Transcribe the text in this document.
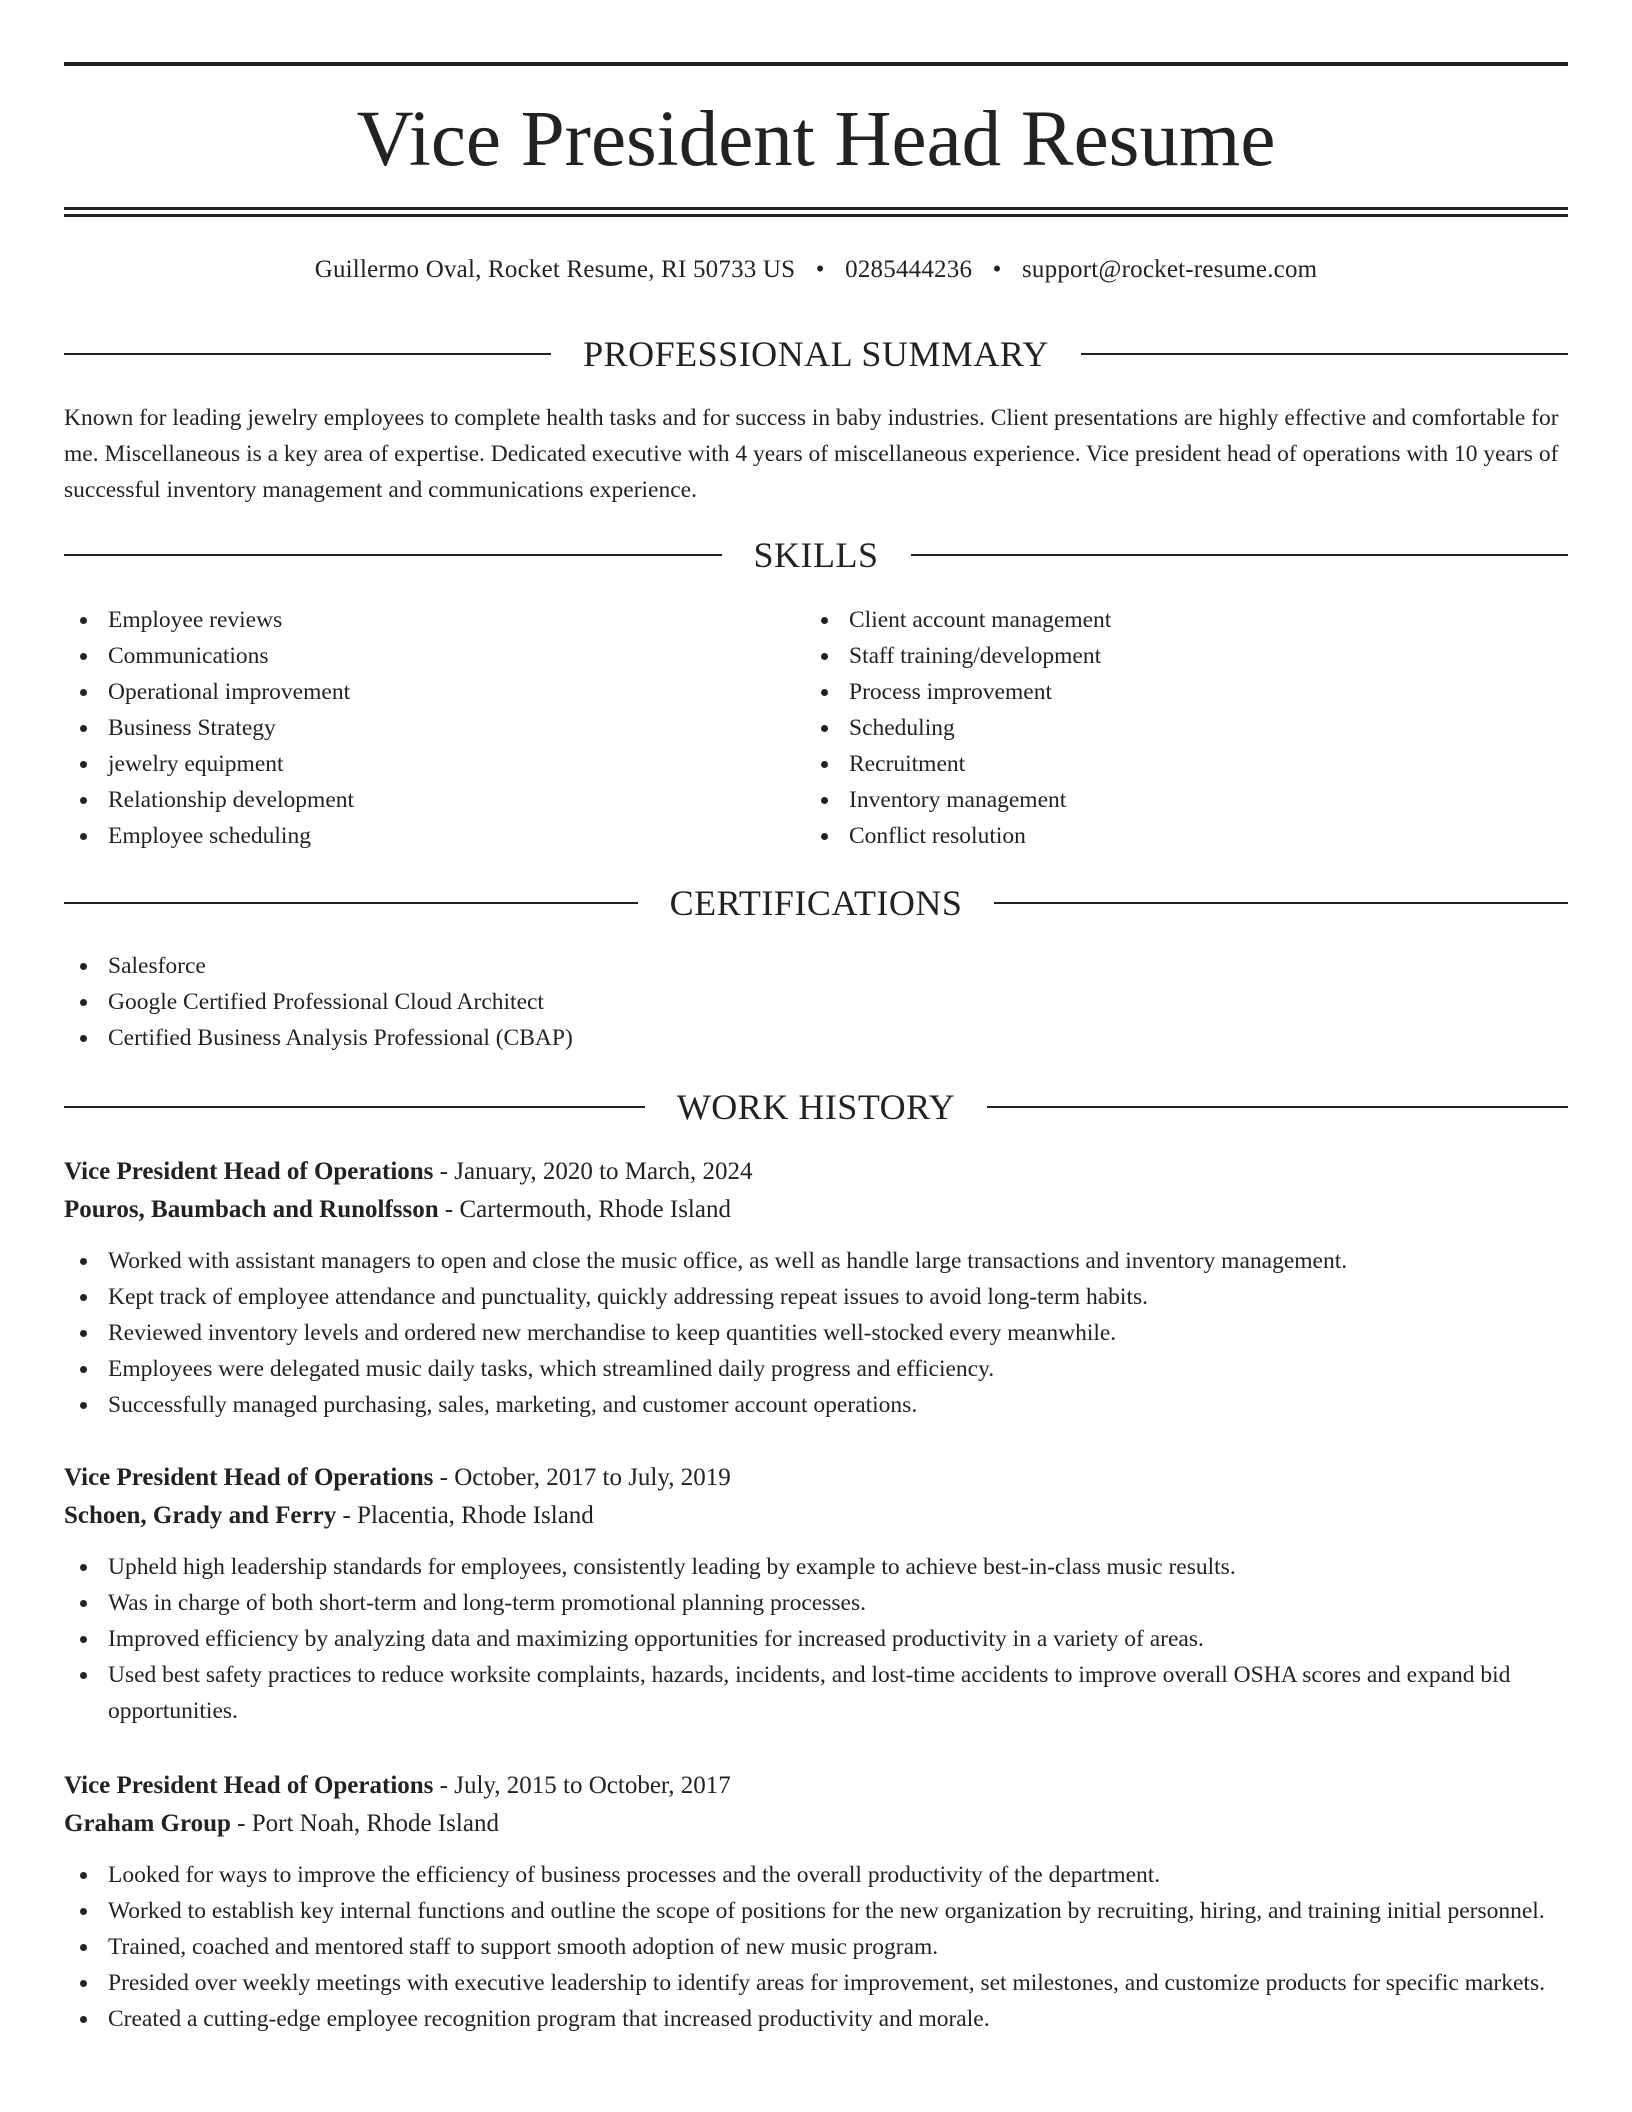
Vice President Head Resume
Guillermo Oval, Rocket Resume, RI 50733 US • 0285444236 • support@rocket-resume.com
PROFESSIONAL SUMMARY

Known for leading jewelry employees to complete health tasks and for success in baby industries. Client presentations are highly effective and comfortable for me. Miscellaneous is a key area of expertise. Dedicated executive with 4 years of miscellaneous experience. Vice president head of operations with 10 years of successful inventory management and communications experience.

SKILLS
Employee reviews
Communications
Operational improvement
Business Strategy
jewelry equipment
Relationship development
Employee scheduling
Client account management
Staff training/development
Process improvement
Scheduling
Recruitment
Inventory management
Conflict resolution
CERTIFICATIONS
Salesforce
Google Certified Professional Cloud Architect
Certified Business Analysis Professional (CBAP)
WORK HISTORY
Vice President Head of Operations - January, 2020 to March, 2024
Pouros, Baumbach and Runolfsson - Cartermouth, Rhode Island
Worked with assistant managers to open and close the music office, as well as handle large transactions and inventory management.
Kept track of employee attendance and punctuality, quickly addressing repeat issues to avoid long-term habits.
Reviewed inventory levels and ordered new merchandise to keep quantities well-stocked every meanwhile.
Employees were delegated music daily tasks, which streamlined daily progress and efficiency.
Successfully managed purchasing, sales, marketing, and customer account operations.
Vice President Head of Operations - October, 2017 to July, 2019
Schoen, Grady and Ferry - Placentia, Rhode Island
Upheld high leadership standards for employees, consistently leading by example to achieve best-in-class music results.
Was in charge of both short-term and long-term promotional planning processes.
Improved efficiency by analyzing data and maximizing opportunities for increased productivity in a variety of areas.
Used best safety practices to reduce worksite complaints, hazards, incidents, and lost-time accidents to improve overall OSHA scores and expand bid opportunities.
Vice President Head of Operations - July, 2015 to October, 2017
Graham Group - Port Noah, Rhode Island
Looked for ways to improve the efficiency of business processes and the overall productivity of the department.
Worked to establish key internal functions and outline the scope of positions for the new organization by recruiting, hiring, and training initial personnel.
Trained, coached and mentored staff to support smooth adoption of new music program.
Presided over weekly meetings with executive leadership to identify areas for improvement, set milestones, and customize products for specific markets.
Created a cutting-edge employee recognition program that increased productivity and morale.
